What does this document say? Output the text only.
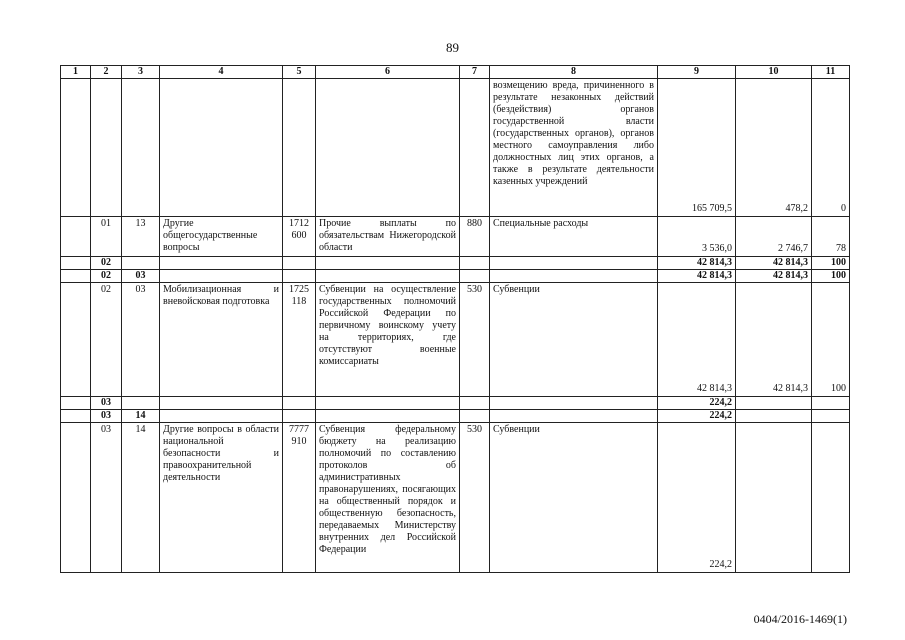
89
1	2	3	4	5	6	7	8	9	10	11
							возмещению вреда, причиненного в результате незаконных действий (бездействия) органов государственной власти (государственных органов), органов местного самоуправления либо должностных лиц этих органов, а также в результате деятельности казенных учреждений	165 709,5	478,2	0
	01	13	Другие общегосударственные вопросы	1712 600	Прочие выплаты по обязательствам Нижегородской области	880	Специальные расходы	3 536,0	2 746,7	78
	02							42 814,3	42 814,3	100
	02	03						42 814,3	42 814,3	100
	02	03	Мобилизационная и вневойсковая подготовка	1725 118	Субвенции на осуществление государственных полномочий Российской Федерации по первичному воинскому учету на территориях, где отсутствуют военные комиссариаты	530	Субвенции	42 814,3	42 814,3	100
	03							224,2		
	03	14						224,2		
	03	14	Другие вопросы в области национальной безопасности и правоохранительной деятельности	7777 910	Субвенция федеральному бюджету на реализацию полномочий по составлению протоколов об административных правонарушениях, посягающих на общественный порядок и общественную безопасность, передаваемых Министерству внутренних дел Российской Федерации	530	Субвенции	224,2		
0404/2016-1469(1)
